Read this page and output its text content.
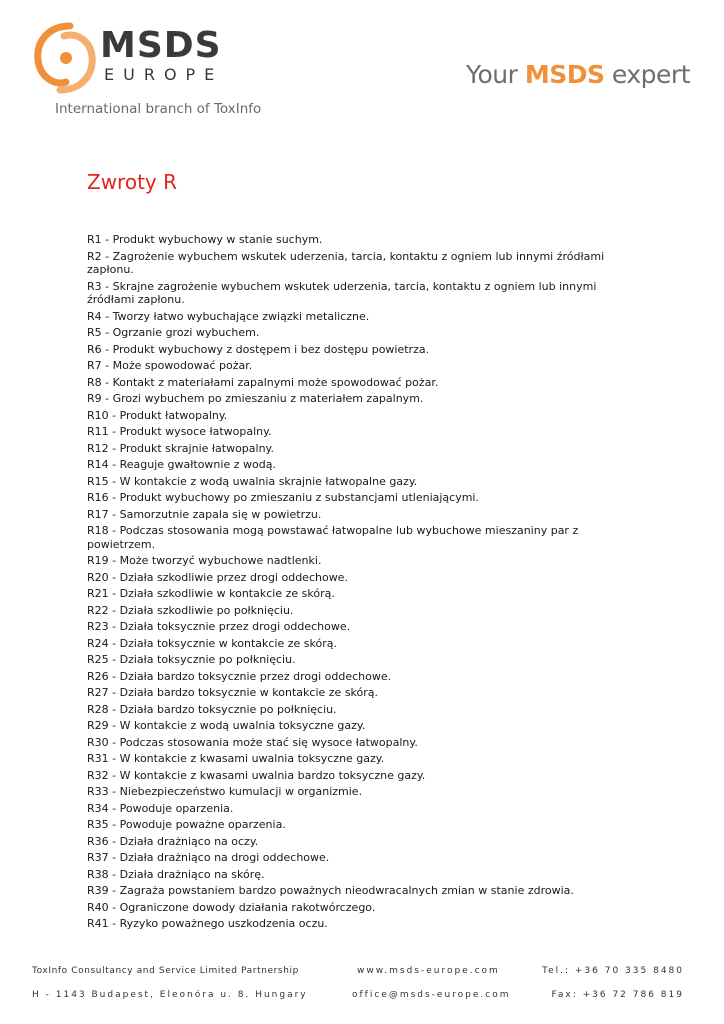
MSDS
EUROPE
International branch of ToxInfo
Your MSDS expert
Zwroty R
R1 - Produkt wybuchowy w stanie suchym.
R2 - Zagrożenie wybuchem wskutek uderzenia, tarcia, kontaktu z ogniem lub innymi źródłami zapłonu.
R3 - Skrajne zagrożenie wybuchem wskutek uderzenia, tarcia, kontaktu z ogniem lub innymi źródłami zapłonu.
R4 - Tworzy łatwo wybuchające związki metaliczne.
R5 - Ogrzanie grozi wybuchem.
R6 - Produkt wybuchowy z dostępem i bez dostępu powietrza.
R7 - Może spowodować pożar.
R8 - Kontakt z materiałami zapalnymi może spowodować pożar.
R9 - Grozi wybuchem po zmieszaniu z materiałem zapalnym.
R10 - Produkt łatwopalny.
R11 - Produkt wysoce łatwopalny.
R12 - Produkt skrajnie łatwopalny.
R14 - Reaguje gwałtownie z wodą.
R15 - W kontakcie z wodą uwalnia skrajnie łatwopalne gazy.
R16 - Produkt wybuchowy po zmieszaniu z substancjami utleniającymi.
R17 - Samorzutnie zapala się w powietrzu.
R18 - Podczas stosowania mogą powstawać łatwopalne lub wybuchowe mieszaniny par z powietrzem.
R19 - Może tworzyć wybuchowe nadtlenki.
R20 - Działa szkodliwie przez drogi oddechowe.
R21 - Działa szkodliwie w kontakcie ze skórą.
R22 - Działa szkodliwie po połknięciu.
R23 - Działa toksycznie przez drogi oddechowe.
R24 - Działa toksycznie w kontakcie ze skórą.
R25 - Działa toksycznie po połknięciu.
R26 - Działa bardzo toksycznie przez drogi oddechowe.
R27 - Działa bardzo toksycznie w kontakcie ze skórą.
R28 - Działa bardzo toksycznie po połknięciu.
R29 - W kontakcie z wodą uwalnia toksyczne gazy.
R30 - Podczas stosowania może stać się wysoce łatwopalny.
R31 - W kontakcie z kwasami uwalnia toksyczne gazy.
R32 - W kontakcie z kwasami uwalnia bardzo toksyczne gazy.
R33 - Niebezpieczeństwo kumulacji w organizmie.
R34 - Powoduje oparzenia.
R35 - Powoduje poważne oparzenia.
R36 - Działa drażniąco na oczy.
R37 - Działa drażniąco na drogi oddechowe.
R38 - Działa drażniąco na skórę.
R39 - Zagraża powstaniem bardzo poważnych nieodwracalnych zmian w stanie zdrowia.
R40 - Ograniczone dowody działania rakotwórczego.
R41 - Ryzyko poważnego uszkodzenia oczu.
ToxInfo Consultancy and Service Limited Partnership	www.msds-europe.com	Tel.: +36 70 335 8480
H - 1143 Budapest, Eleonóra u. 8. Hungary	office@msds-europe.com	Fax: +36 72 786 819
